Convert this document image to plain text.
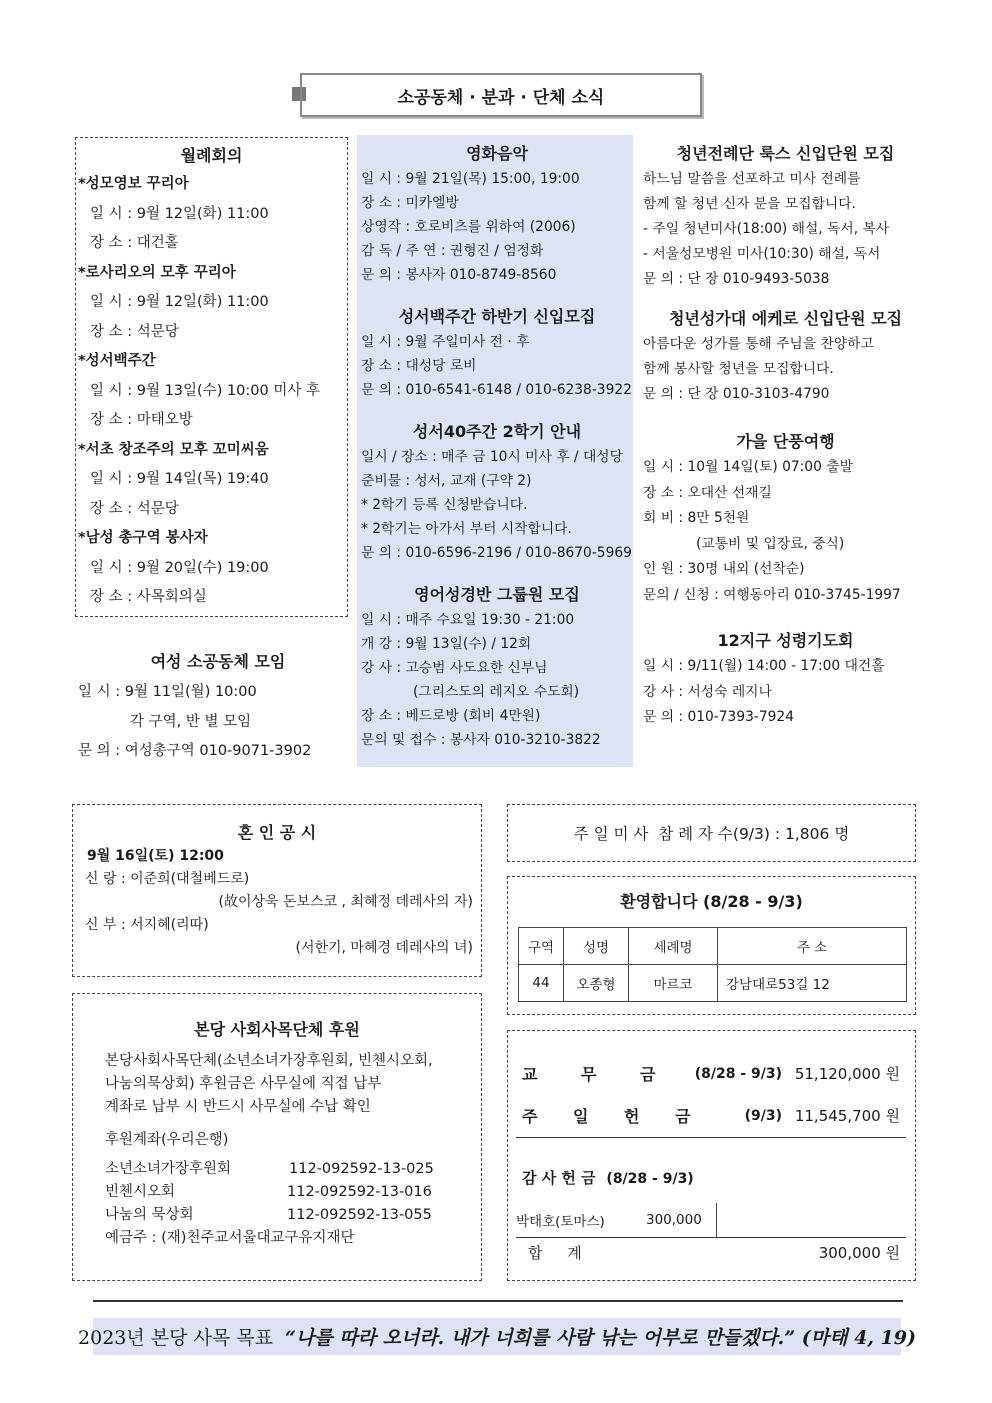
소공동체 · 분과 · 단체 소식
월례회의
*성모영보 꾸리아
일 시 : 9월 12일(화) 11:00
장 소 : 대건홀
*로사리오의 모후 꾸리아
일 시 : 9월 12일(화) 11:00
장 소 : 석문당
*성서백주간
일 시 : 9월 13일(수) 10:00 미사 후
장 소 : 마태오방
*서초 창조주의 모후 꼬미씨움
일 시 : 9월 14일(목) 19:40
장 소 : 석문당
*남성 총구역 봉사자
일 시 : 9월 20일(수) 19:00
장 소 : 사목회의실
여성 소공동체 모임
일 시 : 9월 11일(월) 10:00
각 구역, 반 별 모임
문 의 : 여성총구역 010-9071-3902
영화음악
일 시 : 9월 21일(목) 15:00, 19:00
장 소 : 미카엘방
상영작 : 호로비츠를 위하여 (2006)
감 독 / 주 연 : 권형진 / 엄정화
문 의 : 봉사자 010-8749-8560
성서백주간 하반기 신입모집
일 시 : 9월 주일미사 전 · 후
장 소 : 대성당 로비
문 의 : 010-6541-6148 / 010-6238-3922
성서40주간 2학기 안내
일시 / 장소 : 매주 금 10시 미사 후 / 대성당
준비물 : 성서, 교재 (구약 2)
* 2학기 등록 신청받습니다.
* 2학기는 아가서 부터 시작합니다.
문 의 : 010-6596-2196 / 010-8670-5969
영어성경반 그룹원 모집
일 시 : 매주 수요일 19:30 - 21:00
개 강 : 9월 13일(수) / 12회
강 사 : 고승범 사도요한 신부님
(그리스도의 레지오 수도회)
장 소 : 베드로방 (회비 4만원)
문의 및 접수 : 봉사자 010-3210-3822
청년전례단 룩스 신입단원 모집
하느님 말씀을 선포하고 미사 전례를
함께 할 청년 신자 분을 모집합니다.
- 주일 청년미사(18:00) 해설, 독서, 복사
- 서울성모병원 미사(10:30) 해설, 독서
문 의 : 단 장 010-9493-5038
청년성가대 에케로 신입단원 모집
아름다운 성가를 통해 주님을 찬양하고
함께 봉사할 청년을 모집합니다.
문 의 : 단 장 010-3103-4790
가을 단풍여행
일 시 : 10월 14일(토) 07:00 출발
장 소 : 오대산 선재길
회 비 : 8만 5천원
(교통비 및 입장료, 중식)
인 원 : 30명 내외 (선착순)
문의 / 신청 : 여행동아리 010-3745-1997
12지구 성령기도회
일 시 : 9/11(월) 14:00 - 17:00 대건홀
강 사 : 서성숙 레지나
문 의 : 010-7393-7924
혼 인 공 시
9월 16일(토) 12:00
신 랑 : 이준희(대철베드로)
(故이상욱 돈보스코 , 최혜정 데레사의 자)
신 부 : 서지혜(리따)
(서한기, 마혜경 데레사의 녀)
본당 사회사목단체 후원
본당사회사목단체(소년소녀가장후원회, 빈첸시오회,
나눔의묵상회) 후원금은 사무실에 직접 납부
계좌로 납부 시 반드시 사무실에 수납 확인
후원계좌(우리은행)
소년소녀가장후원회	112-092592-13-025
빈첸시오회	112-092592-13-016
나눔의 묵상회	112-092592-13-055
예금주 : (재)천주교서울대교구유지재단
주 일 미 사  참 례 자 수(9/3) : 1,806 명
환영합니다 (8/28 - 9/3)
구역	성명	세례명	주 소
44	오종형	마르코	강남대로53길 12
교 무 금	(8/28 - 9/3) 51,120,000 원
주 일 헌 금	(9/3) 11,545,700 원
감 사 헌 금 (8/28 - 9/3)
박태호(토마스)	300,000
합 계	300,000 원
2023년 본당 사목 목표 “나를 따라 오너라. 내가 너희를 사람 낚는 어부로 만들겠다.” (마태 4, 19)
